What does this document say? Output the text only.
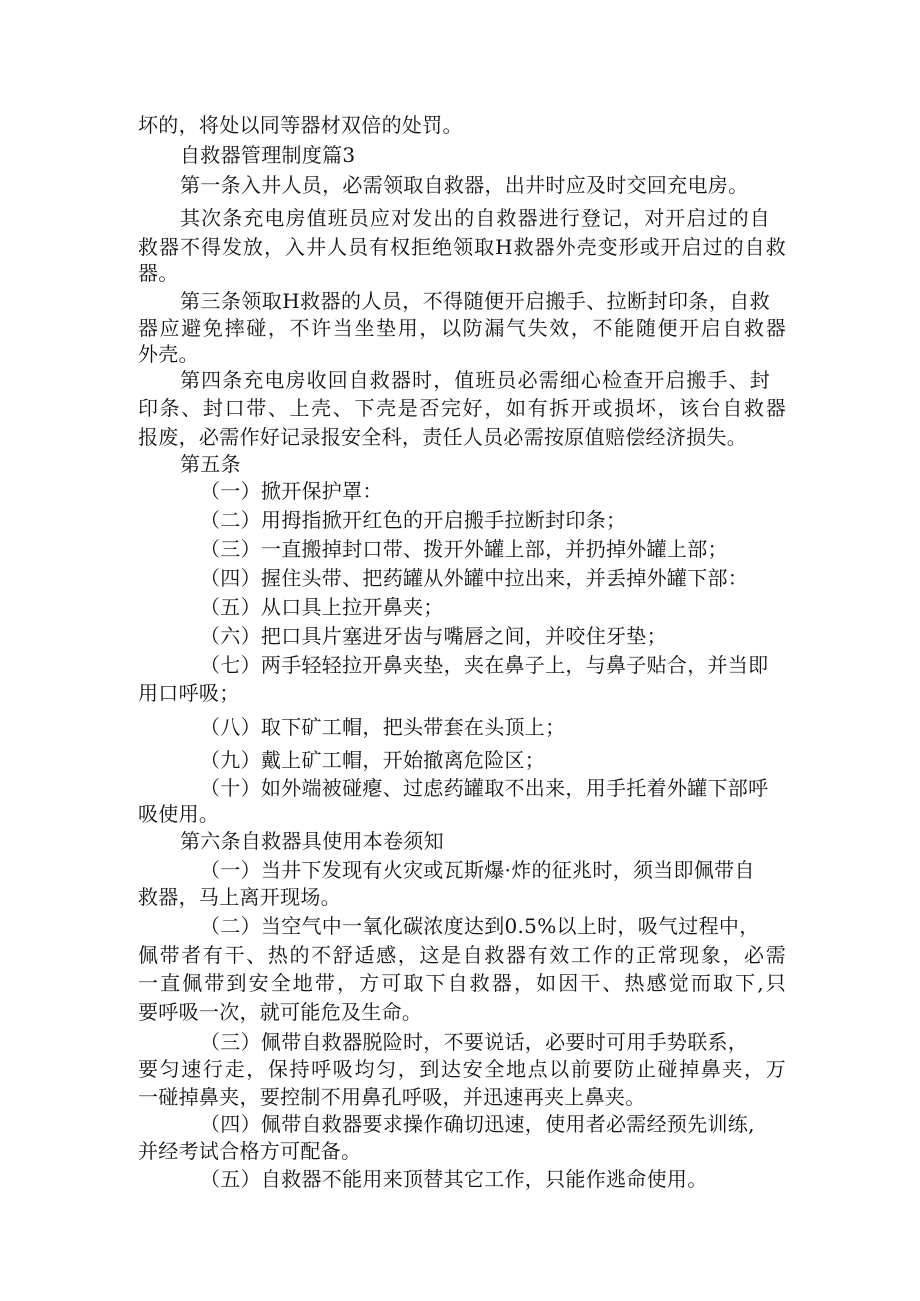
坏的，将处以同等器材双倍的处罚。
自救器管理制度篇3
第一条入井人员，必需领取自救器，出井时应及时交回充电房。
其次条充电房值班员应对发出的自救器进行登记，对开启过的自
救器不得发放，入井人员有权拒绝领取H救器外壳变形或开启过的自救
器。
第三条领取H救器的人员，不得随便开启搬手、拉断封印条，自救
器应避免摔碰，不许当坐垫用，以防漏气失效，不能随便开启自救器
外壳。
第四条充电房收回自救器时，值班员必需细心检查开启搬手、封
印条、封口带、上壳、下壳是否完好，如有拆开或损坏，该台自救器
报废，必需作好记录报安全科，责任人员必需按原值赔偿经济损失。
第五条
（一）掀开保护罩：
（二）用拇指掀开红色的开启搬手拉断封印条；
（三）一直搬掉封口带、拨开外罐上部，并扔掉外罐上部；
（四）握住头带、把药罐从外罐中拉出来，并丢掉外罐下部：
（五）从口具上拉开鼻夹；
（六）把口具片塞进牙齿与嘴唇之间，并咬住牙垫；
（七）两手轻轻拉开鼻夹垫，夹在鼻子上，与鼻子贴合，并当即
用口呼吸；
（八）取下矿工帽，把头带套在头顶上；
（九）戴上矿工帽，开始撤离危险区；
（十）如外端被碰瘪、过虑药罐取不出来，用手托着外罐下部呼
吸使用。
第六条自救器具使用本卷须知
（一）当井下发现有火灾或瓦斯爆·炸的征兆时，须当即佩带自
救器，马上离开现场。
（二）当空气中一氧化碳浓度达到0.5%以上时，吸气过程中，
佩带者有干、热的不舒适感，这是自救器有效工作的正常现象，必需
一直佩带到安全地带，方可取下自救器，如因干、热感觉而取下,只
要呼吸一次，就可能危及生命。
（三）佩带自救器脱险时，不要说话，必要时可用手势联系，
要匀速行走，保持呼吸均匀，到达安全地点以前要防止碰掉鼻夹，万
一碰掉鼻夹，要控制不用鼻孔呼吸，并迅速再夹上鼻夹。
（四）佩带自救器要求操作确切迅速，使用者必需经预先训练,
并经考试合格方可配备。
（五）自救器不能用来顶替其它工作，只能作逃命使用。
